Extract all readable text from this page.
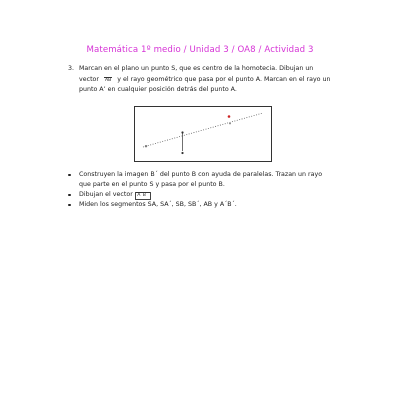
Matemática 1º medio / Unidad 3 / OA8 / Actividad 3
3. Marcan en el plano un punto S, que es centro de la homotecia. Dibujan un
vector AB y el rayo geométrico que pasa por el punto A. Marcan en el rayo un
punto A’ en cualquier posición detrás del punto A.
Construyen la imagen B´ del punto B con ayuda de paralelas. Trazan un rayo
que parte en el punto S y pasa por el punto B.
Dibujan el vector A´B´
Miden los segmentos SA, SA´, SB, SB´, AB y A´B´.
